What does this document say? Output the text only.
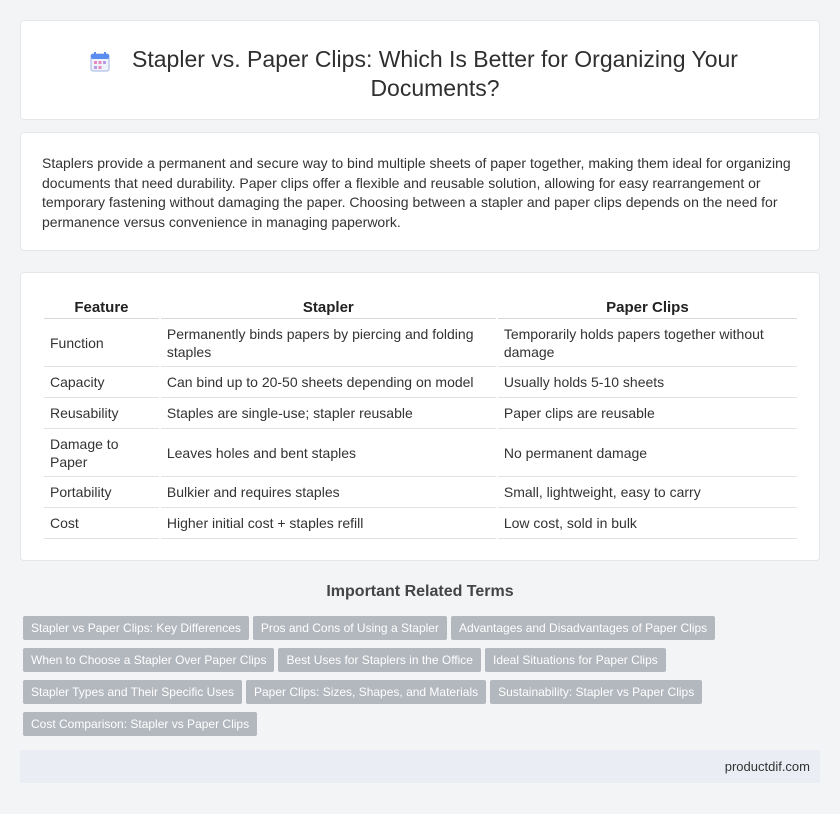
Stapler vs. Paper Clips: Which Is Better for Organizing Your Documents?

Staplers provide a permanent and secure way to bind multiple sheets of paper together, making them ideal for organizing documents that need durability. Paper clips offer a flexible and reusable solution, allowing for easy rearrangement or temporary fastening without damaging the paper. Choosing between a stapler and paper clips depends on the need for permanence versus convenience in managing paperwork.

Feature	Stapler	Paper Clips
Function	Permanently binds papers by piercing and folding staples	Temporarily holds papers together without damage
Capacity	Can bind up to 20-50 sheets depending on model	Usually holds 5-10 sheets
Reusability	Staples are single-use; stapler reusable	Paper clips are reusable
Damage to Paper	Leaves holes and bent staples	No permanent damage
Portability	Bulkier and requires staples	Small, lightweight, easy to carry
Cost	Higher initial cost + staples refill	Low cost, sold in bulk
Important Related Terms
Stapler vs Paper Clips: Key Differences Pros and Cons of Using a Stapler Advantages and Disadvantages of Paper Clips
When to Choose a Stapler Over Paper Clips Best Uses for Staplers in the Office Ideal Situations for Paper Clips
Stapler Types and Their Specific Uses Paper Clips: Sizes, Shapes, and Materials Sustainability: Stapler vs Paper Clips
Cost Comparison: Stapler vs Paper Clips
productdif.com
